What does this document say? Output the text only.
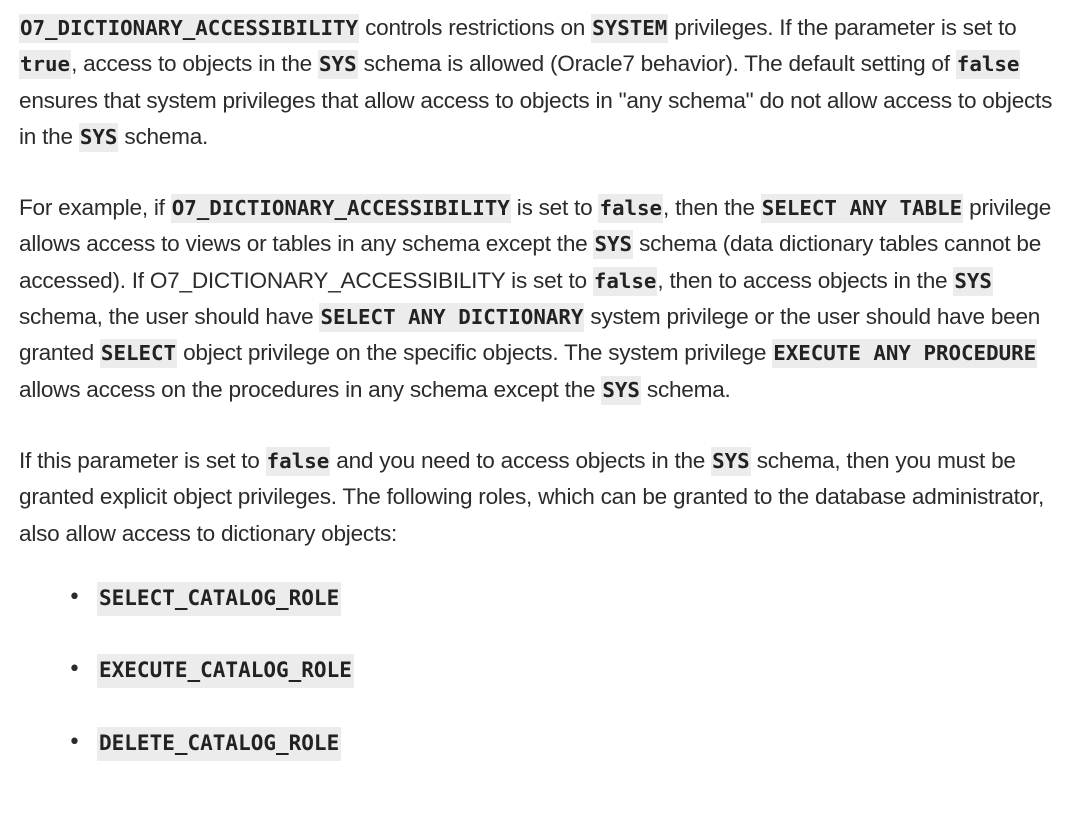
O7_DICTIONARY_ACCESSIBILITY controls restrictions on SYSTEM privileges. If the parameter is set to true, access to objects in the SYS schema is allowed (Oracle7 behavior). The default setting of false ensures that system privileges that allow access to objects in "any schema" do not allow access to objects in the SYS schema.

For example, if O7_DICTIONARY_ACCESSIBILITY is set to false, then the SELECT ANY TABLE privilege allows access to views or tables in any schema except the SYS schema (data dictionary tables cannot be accessed). If O7_DICTIONARY_ACCESSIBILITY is set to false, then to access objects in the SYS schema, the user should have SELECT ANY DICTIONARY system privilege or the user should have been granted SELECT object privilege on the specific objects. The system privilege EXECUTE ANY PROCEDURE allows access on the procedures in any schema except the SYS schema.

If this parameter is set to false and you need to access objects in the SYS schema, then you must be granted explicit object privileges. The following roles, which can be granted to the database administrator, also allow access to dictionary objects:

• SELECT_CATALOG_ROLE
• EXECUTE_CATALOG_ROLE
• DELETE_CATALOG_ROLE
